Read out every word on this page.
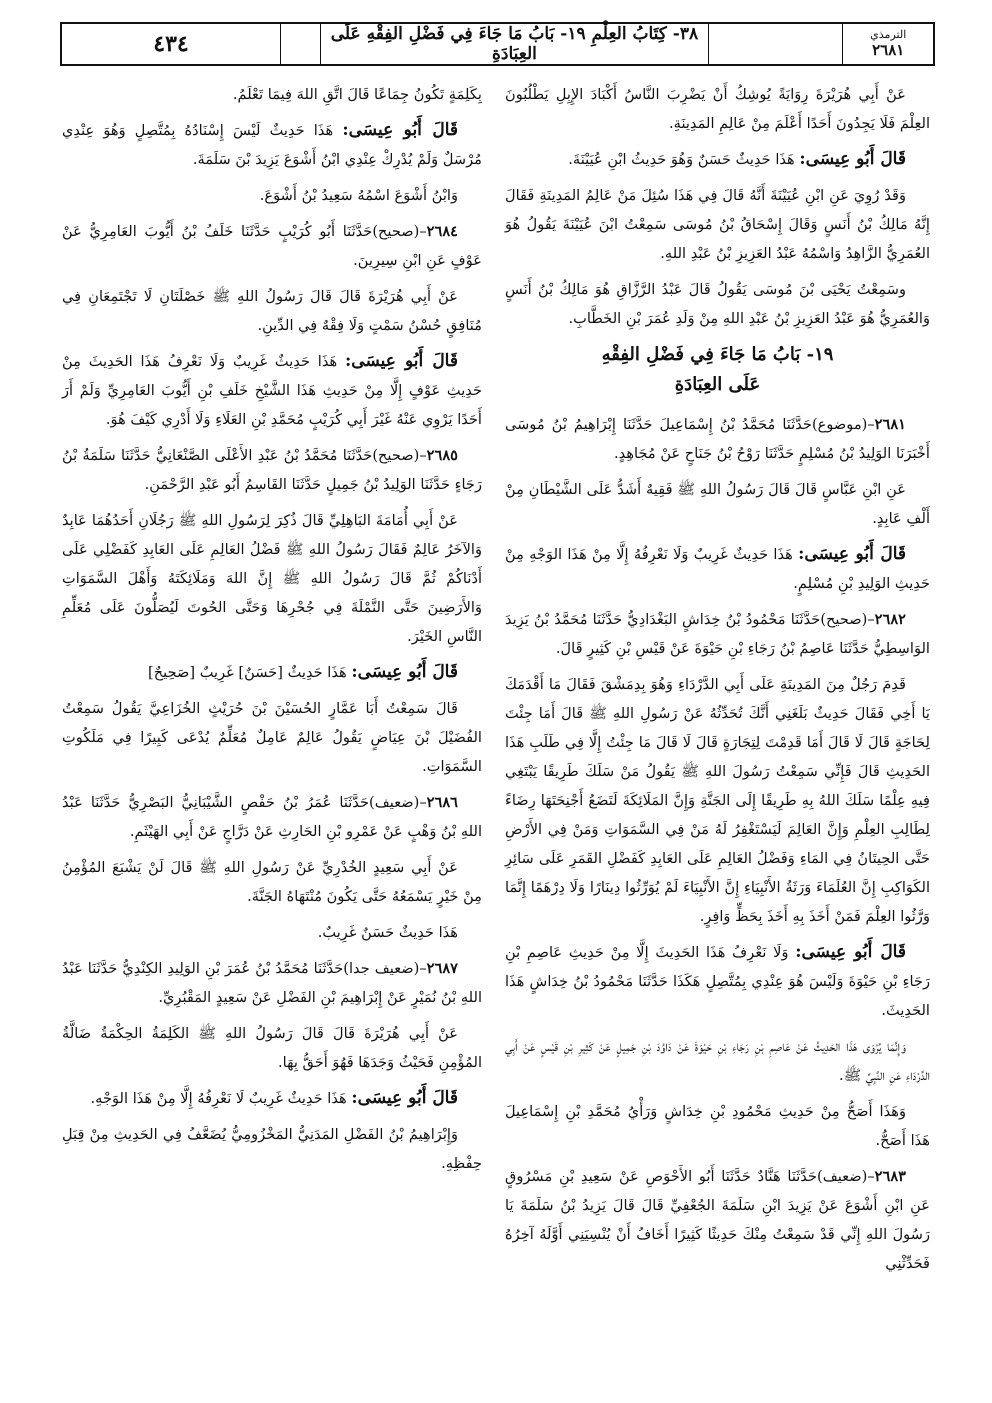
٤٣٤	٣٨- كِتَابُ العِلْمِ ١٩- بَابُ مَا جَاءَ فِي فَضْلِ الفِقْهِ عَلَى العِبَادَةِ
الترمذي
٢٦٨١

عَنْ أَبِي هُرَيْرَةَ رِوَايَةً يُوشِكُ أَنْ يَضْرِبَ النَّاسُ أَكْبَادَ الإِبِلِ يَطْلُبُونَ العِلْمَ فَلَا يَجِدُونَ أَحَدًا أَعْلَمَ مِنْ عَالِمِ المَدِينَةِ.

قَالَ أَبُو عِيسَى: هَذَا حَدِيثٌ حَسَنٌ وَهُوَ حَدِيثُ ابْنِ عُيَيْنَةَ.

وَقَدْ رُوِيَ عَنِ ابْنِ عُيَيْنَةَ أَنَّهُ قَالَ فِي هَذَا سُئِلَ مَنْ عَالِمُ المَدِينَةِ فَقَالَ إِنَّهُ مَالِكُ بْنُ أَنَسٍ وَقَالَ إِسْحَاقُ بْنُ مُوسَى سَمِعْتُ ابْنَ عُيَيْنَةَ يَقُولُ هُوَ العُمَرِيُّ الزَّاهِدُ وَاسْمُهُ عَبْدُ العَزِيزِ بْنُ عَبْدِ اللهِ.

وسَمِعْتُ يَحْيَى بْنَ مُوسَى يَقُولُ قَالَ عَبْدُ الرَّزَّاقِ هُوَ مَالِكُ بْنُ أَنَسٍ وَالعُمَرِيُّ هُوَ عَبْدُ العَزِيزِ بْنُ عَبْدِ اللهِ مِنْ وَلَدِ عُمَرَ بْنِ الخَطَّابِ.

١٩- بَابُ مَا جَاءَ فِي فَضْلِ الفِقْهِ
عَلَى العِبَادَةِ

٢٦٨١–(موضوع)حَدَّثَنَا مُحَمَّدُ بْنُ إِسْمَاعِيلَ حَدَّثَنَا إِبْرَاهِيمُ بْنُ مُوسَى أَخْبَرَنَا الوَلِيدُ بْنُ مُسْلِمٍ حَدَّثَنَا رَوْحُ بْنُ جَنَاحٍ عَنْ مُجَاهِدٍ.

عَنِ ابْنِ عَبَّاسٍ قَالَ قَالَ رَسُولُ اللهِ ﷺ فَقِيهٌ أَشَدُّ عَلَى الشَّيْطَانِ مِنْ أَلْفِ عَابِدٍ.

قَالَ أَبُو عِيسَى: هَذَا حَدِيثٌ غَرِيبٌ وَلَا نَعْرِفُهُ إِلَّا مِنْ هَذَا الوَجْهِ مِنْ حَدِيثِ الوَلِيدِ بْنِ مُسْلِمٍ.

٢٦٨٢–(صحيح)حَدَّثَنَا مَحْمُودُ بْنُ خِدَاشٍ البَغْدَادِيُّ حَدَّثَنَا مُحَمَّدُ بْنُ يَزِيدَ الوَاسِطِيُّ حَدَّثَنَا عَاصِمُ بْنُ رَجَاءِ بْنِ حَيْوَةَ عَنْ قَيْسِ بْنِ كَثِيرٍ قَالَ.

قَدِمَ رَجُلٌ مِنَ المَدِينَةِ عَلَى أَبِي الدَّرْدَاءِ وَهُوَ بِدِمَشْقَ فَقَالَ مَا أَقْدَمَكَ يَا أَخِي فَقَالَ حَدِيثٌ بَلَغَنِي أَنَّكَ تُحَدِّثُهُ عَنْ رَسُولِ اللهِ ﷺ قَالَ أَمَا جِئْتَ لِحَاجَةٍ قَالَ لَا قَالَ أَمَا قَدِمْتَ لِتِجَارَةٍ قَالَ لَا قَالَ مَا جِئْتُ إِلَّا فِي طَلَبِ هَذَا الحَدِيثِ قَالَ فَإِنِّي سَمِعْتُ رَسُولَ اللهِ ﷺ يَقُولُ مَنْ سَلَكَ طَرِيقًا يَبْتَغِي فِيهِ عِلْمًا سَلَكَ اللهُ بِهِ طَرِيقًا إِلَى الجَنَّةِ وَإِنَّ المَلَائِكَةَ لَتَضَعُ أَجْنِحَتَهَا رِضَاءً لِطَالِبِ العِلْمِ وَإِنَّ العَالِمَ لَيَسْتَغْفِرُ لَهُ مَنْ فِي السَّمَوَاتِ وَمَنْ فِي الأَرْضِ حَتَّى الحِيتَانُ فِي المَاءِ وَفَضْلُ العَالِمِ عَلَى العَابِدِ كَفَضْلِ القَمَرِ عَلَى سَائِرِ الكَوَاكِبِ إِنَّ العُلَمَاءَ وَرَثَةُ الأَنْبِيَاءِ إِنَّ الأَنْبِيَاءَ لَمْ يُوَرِّثُوا دِينَارًا وَلَا دِرْهَمًا إِنَّمَا وَرَّثُوا العِلْمَ فَمَنْ أَخَذَ بِهِ أَخَذَ بِحَظٍّ وَافِرٍ.

قَالَ أَبُو عِيسَى: وَلَا نَعْرِفُ هَذَا الحَدِيثَ إِلَّا مِنْ حَدِيثِ عَاصِمِ بْنِ رَجَاءِ بْنِ حَيْوَةَ وَلَيْسَ هُوَ عِنْدِي بِمُتَّصِلٍ هَكَذَا حَدَّثَنَا مَحْمُودُ بْنُ خِدَاشٍ هَذَا الحَدِيثَ.

وَإِنَّمَا يُرْوَى هَذَا الحَدِيثُ عَنْ عَاصِمِ بْنِ رَجَاءِ بْنِ حَيْوَةَ عَنْ دَاوُدَ بْنِ جَمِيلٍ عَنْ كَثِيرِ بْنِ قَيْسٍ عَنْ أَبِي الدَّرْدَاءِ عَنِ النَّبِيِّ ﷺ.

وَهَذَا أَصَحُّ مِنْ حَدِيثِ مَحْمُودِ بْنِ خِدَاشٍ وَرَأْيُ مُحَمَّدِ بْنِ إِسْمَاعِيلَ هَذَا أَصَحُّ.

٢٦٨٣–(ضعيف)حَدَّثَنَا هَنَّادٌ حَدَّثَنَا أَبُو الأَحْوَصِ عَنْ سَعِيدِ بْنِ مَسْرُوقٍ عَنِ ابْنِ أَشْوَعَ عَنْ يَزِيدَ ابْنِ سَلَمَةَ الجُعْفِيِّ قَالَ قَالَ يَزِيدُ بْنُ سَلَمَةَ يَا رَسُولَ اللهِ إِنِّي قَدْ سَمِعْتُ مِنْكَ حَدِيثًا كَثِيرًا أَخَافُ أَنْ يُنْسِيَنِي أَوَّلَهُ آخِرُهُ فَحَدِّثْنِي

بِكَلِمَةٍ تَكُونُ جِمَاعًا قَالَ اتَّقِ اللهَ فِيمَا تَعْلَمُ.

قَالَ أَبُو عِيسَى: هَذَا حَدِيثٌ لَيْسَ إِسْنَادُهُ بِمُتَّصِلٍ وَهُوَ عِنْدِي مُرْسَلٌ وَلَمْ يُدْرِكْ عِنْدِي ابْنُ أَشْوَعَ يَزِيدَ بْنَ سَلَمَةَ.

وَابْنُ أَشْوَعَ اسْمُهُ سَعِيدُ بْنُ أَشْوَعَ.

٢٦٨٤–(صحيح)حَدَّثَنَا أَبُو كُرَيْبٍ حَدَّثَنَا خَلَفُ بْنُ أَيُّوبَ العَامِرِيُّ عَنْ عَوْفٍ عَنِ ابْنِ سِيرِينَ.

عَنْ أَبِي هُرَيْرَةَ قَالَ قَالَ رَسُولُ اللهِ ﷺ خَصْلَتَانِ لَا تَجْتَمِعَانِ فِي مُنَافِقٍ حُسْنُ سَمْتٍ وَلَا فِقْهٌ فِي الدِّينِ.

قَالَ أَبُو عِيسَى: هَذَا حَدِيثٌ غَرِيبٌ وَلَا نَعْرِفُ هَذَا الحَدِيثَ مِنْ حَدِيثِ عَوْفٍ إِلَّا مِنْ حَدِيثِ هَذَا الشَّيْخِ خَلَفِ بْنِ أَيُّوبَ العَامِرِيِّ وَلَمْ أَرَ أَحَدًا يَرْوِي عَنْهُ غَيْرَ أَبِي كُرَيْبٍ مُحَمَّدِ بْنِ العَلَاءِ وَلَا أَدْرِي كَيْفَ هُوَ.

٢٦٨٥–(صحيح)حَدَّثَنَا مُحَمَّدُ بْنُ عَبْدِ الأَعْلَى الصَّنْعَانِيُّ حَدَّثَنَا سَلَمَةُ بْنُ رَجَاءٍ حَدَّثَنَا الوَلِيدُ بْنُ جَمِيلٍ حَدَّثَنَا القَاسِمُ أَبُو عَبْدِ الرَّحْمَنِ.

عَنْ أَبِي أُمَامَةَ البَاهِلِيِّ قَالَ ذُكِرَ لِرَسُولِ اللهِ ﷺ رَجُلَانِ أَحَدُهُمَا عَابِدٌ وَالآخَرُ عَالِمٌ فَقَالَ رَسُولُ اللهِ ﷺ فَضْلُ العَالِمِ عَلَى العَابِدِ كَفَضْلِي عَلَى أَدْنَاكُمْ ثُمَّ قَالَ رَسُولُ اللهِ ﷺ إِنَّ اللهَ وَمَلَائِكَتَهُ وَأَهْلَ السَّمَوَاتِ وَالأَرَضِينَ حَتَّى النَّمْلَةَ فِي جُحْرِهَا وَحَتَّى الحُوتَ لَيُصَلُّونَ عَلَى مُعَلِّمِ النَّاسِ الخَيْرَ.

قَالَ أَبُو عِيسَى: هَذَا حَدِيثٌ [حَسَنٌ] غَرِيبٌ [صَحِيحٌ]

قَالَ سَمِعْتُ أَبَا عَمَّارٍ الحُسَيْنَ بْنَ حُرَيْثٍ الخُزَاعِيَّ يَقُولُ سَمِعْتُ الفُضَيْلَ بْنَ عِيَاضٍ يَقُولُ عَالِمٌ عَامِلٌ مُعَلِّمٌ يُدْعَى كَبِيرًا فِي مَلَكُوتِ السَّمَوَاتِ.

٢٦٨٦–(ضعيف)حَدَّثَنَا عُمَرُ بْنُ حَفْصٍ الشَّيْبَانِيُّ البَصْرِيُّ حَدَّثَنَا عَبْدُ اللهِ بْنُ وَهْبٍ عَنْ عَمْرِو بْنِ الحَارِثِ عَنْ دَرَّاجٍ عَنْ أَبِي الهَيْثَمِ.

عَنْ أَبِي سَعِيدٍ الخُدْرِيِّ عَنْ رَسُولِ اللهِ ﷺ قَالَ لَنْ يَشْبَعَ المُؤْمِنُ مِنْ خَيْرٍ يَسْمَعُهُ حَتَّى يَكُونَ مُنْتَهَاهُ الجَنَّةَ.

هَذَا حَدِيثٌ حَسَنٌ غَرِيبٌ.

٢٦٨٧–(ضعيف جدا)حَدَّثَنَا مُحَمَّدُ بْنُ عُمَرَ بْنِ الوَلِيدِ الكِنْدِيُّ حَدَّثَنَا عَبْدُ اللهِ بْنُ نُمَيْرٍ عَنْ إِبْرَاهِيمَ بْنِ الفَضْلِ عَنْ سَعِيدٍ المَقْبُرِيِّ.

عَنْ أَبِي هُرَيْرَةَ قَالَ قَالَ رَسُولُ اللهِ ﷺ الكَلِمَةُ الحِكْمَةُ ضَالَّةُ المُؤْمِنِ فَحَيْثُ وَجَدَهَا فَهُوَ أَحَقُّ بِهَا.

قَالَ أَبُو عِيسَى: هَذَا حَدِيثٌ غَرِيبٌ لَا نَعْرِفُهُ إِلَّا مِنْ هَذَا الوَجْهِ.

وَإِبْرَاهِيمُ بْنُ الفَضْلِ المَدَنِيُّ المَخْزُومِيُّ يُضَعَّفُ فِي الحَدِيثِ مِنْ قِبَلِ حِفْظِهِ.
